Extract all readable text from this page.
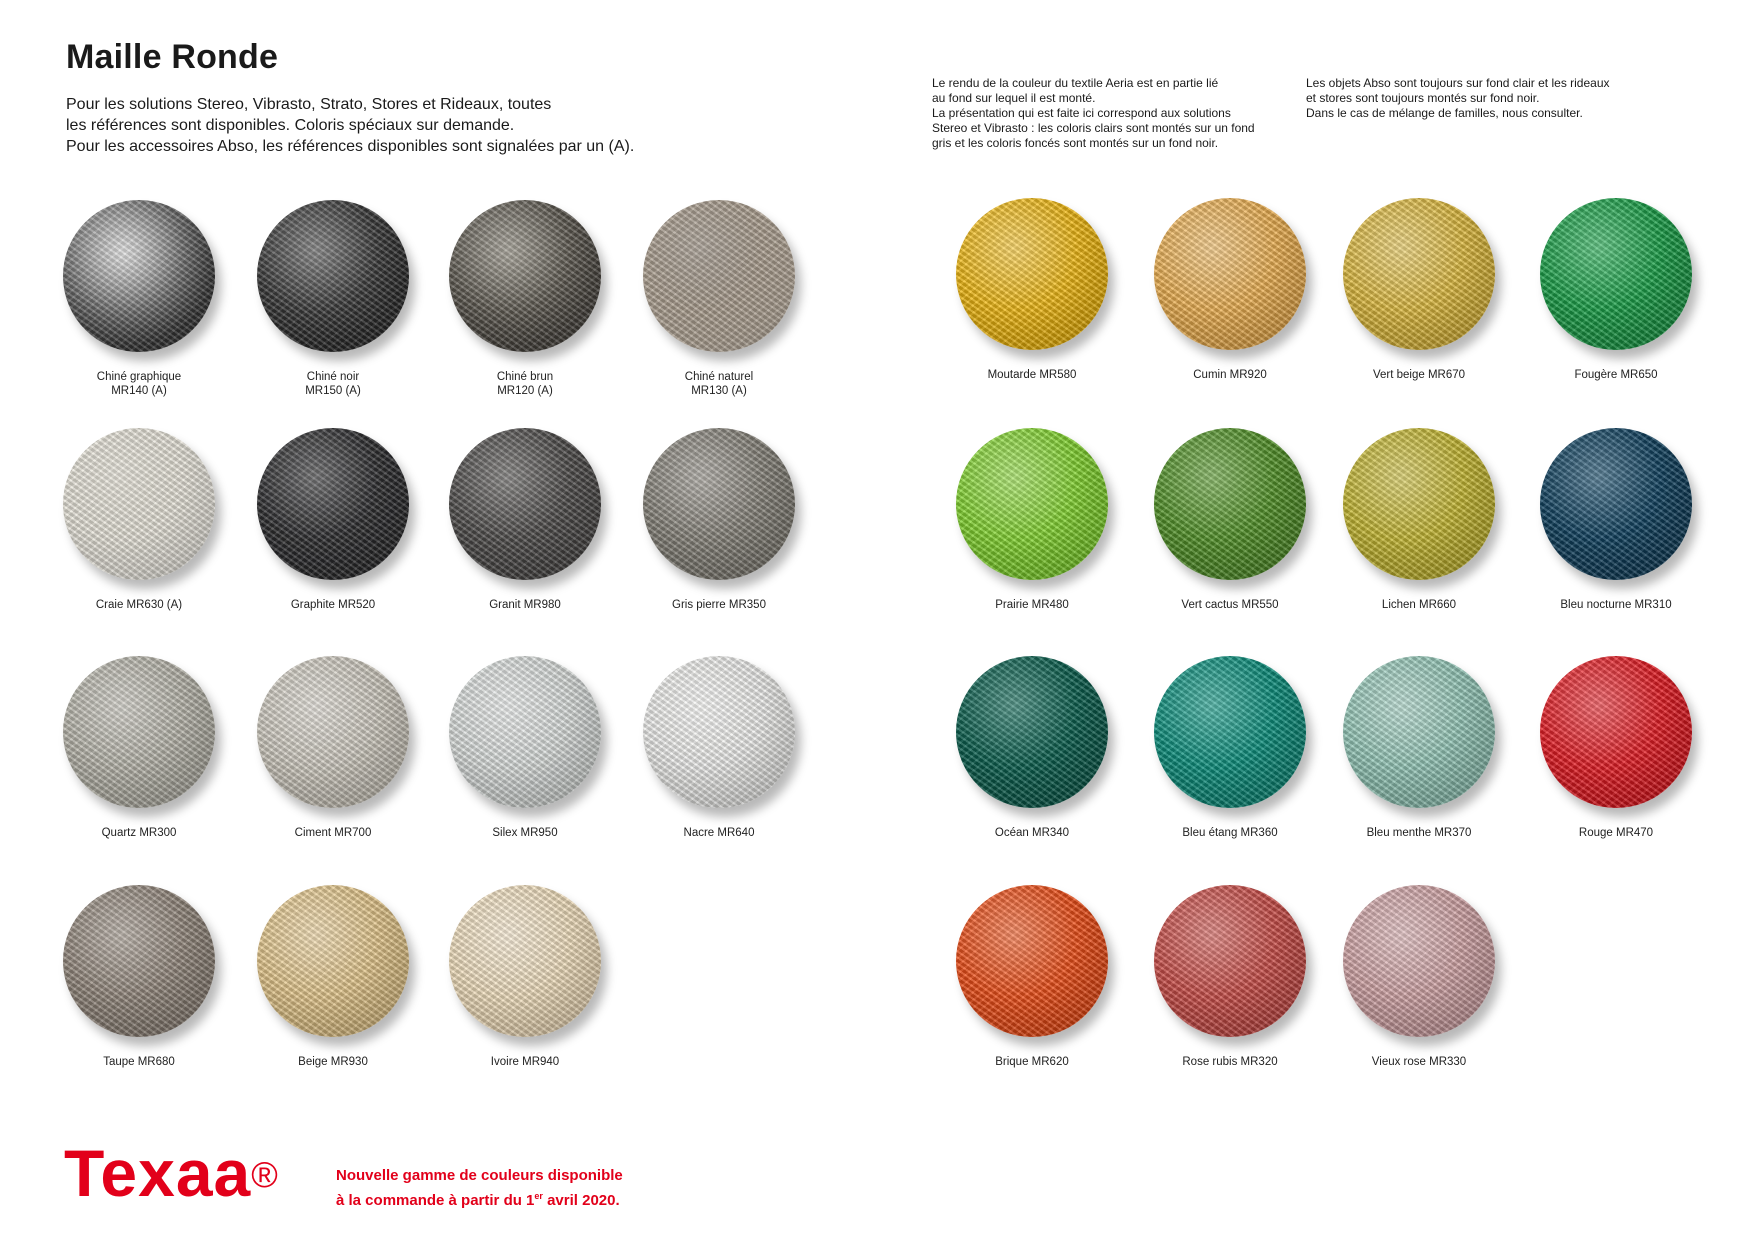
Maille Ronde
Pour les solutions Stereo, Vibrasto, Strato, Stores et Rideaux, toutes
les références sont disponibles. Coloris spéciaux sur demande.
Pour les accessoires Abso, les références disponibles sont signalées par un (A).
Le rendu de la couleur du textile Aeria est en partie lié
au fond sur lequel il est monté.
La présentation qui est faite ici correspond aux solutions
Stereo et Vibrasto : les coloris clairs sont montés sur un fond
gris et les coloris foncés sont montés sur un fond noir.
Les objets Abso sont toujours sur fond clair et les rideaux
et stores sont toujours montés sur fond noir.
Dans le cas de mélange de familles, nous consulter.
Chiné graphique
MR140 (A)
Chiné noir
MR150 (A)
Chiné brun
MR120 (A)
Chiné naturel
MR130 (A)
Craie MR630 (A)	Graphite MR520	Granit MR980	Gris pierre MR350
Quartz MR300	Ciment MR700	Silex MR950	Nacre MR640
Taupe MR680	Beige MR930	Ivoire MR940
Moutarde MR580	Cumin MR920	Vert beige MR670	Fougère MR650
Prairie MR480	Vert cactus MR550	Lichen MR660	Bleu nocturne MR310
Océan MR340	Bleu étang MR360	Bleu menthe MR370	Rouge MR470
Brique MR620	Rose rubis MR320	Vieux rose MR330
Texaa®	Nouvelle gamme de couleurs disponible
à la commande à partir du 1er avril 2020.
